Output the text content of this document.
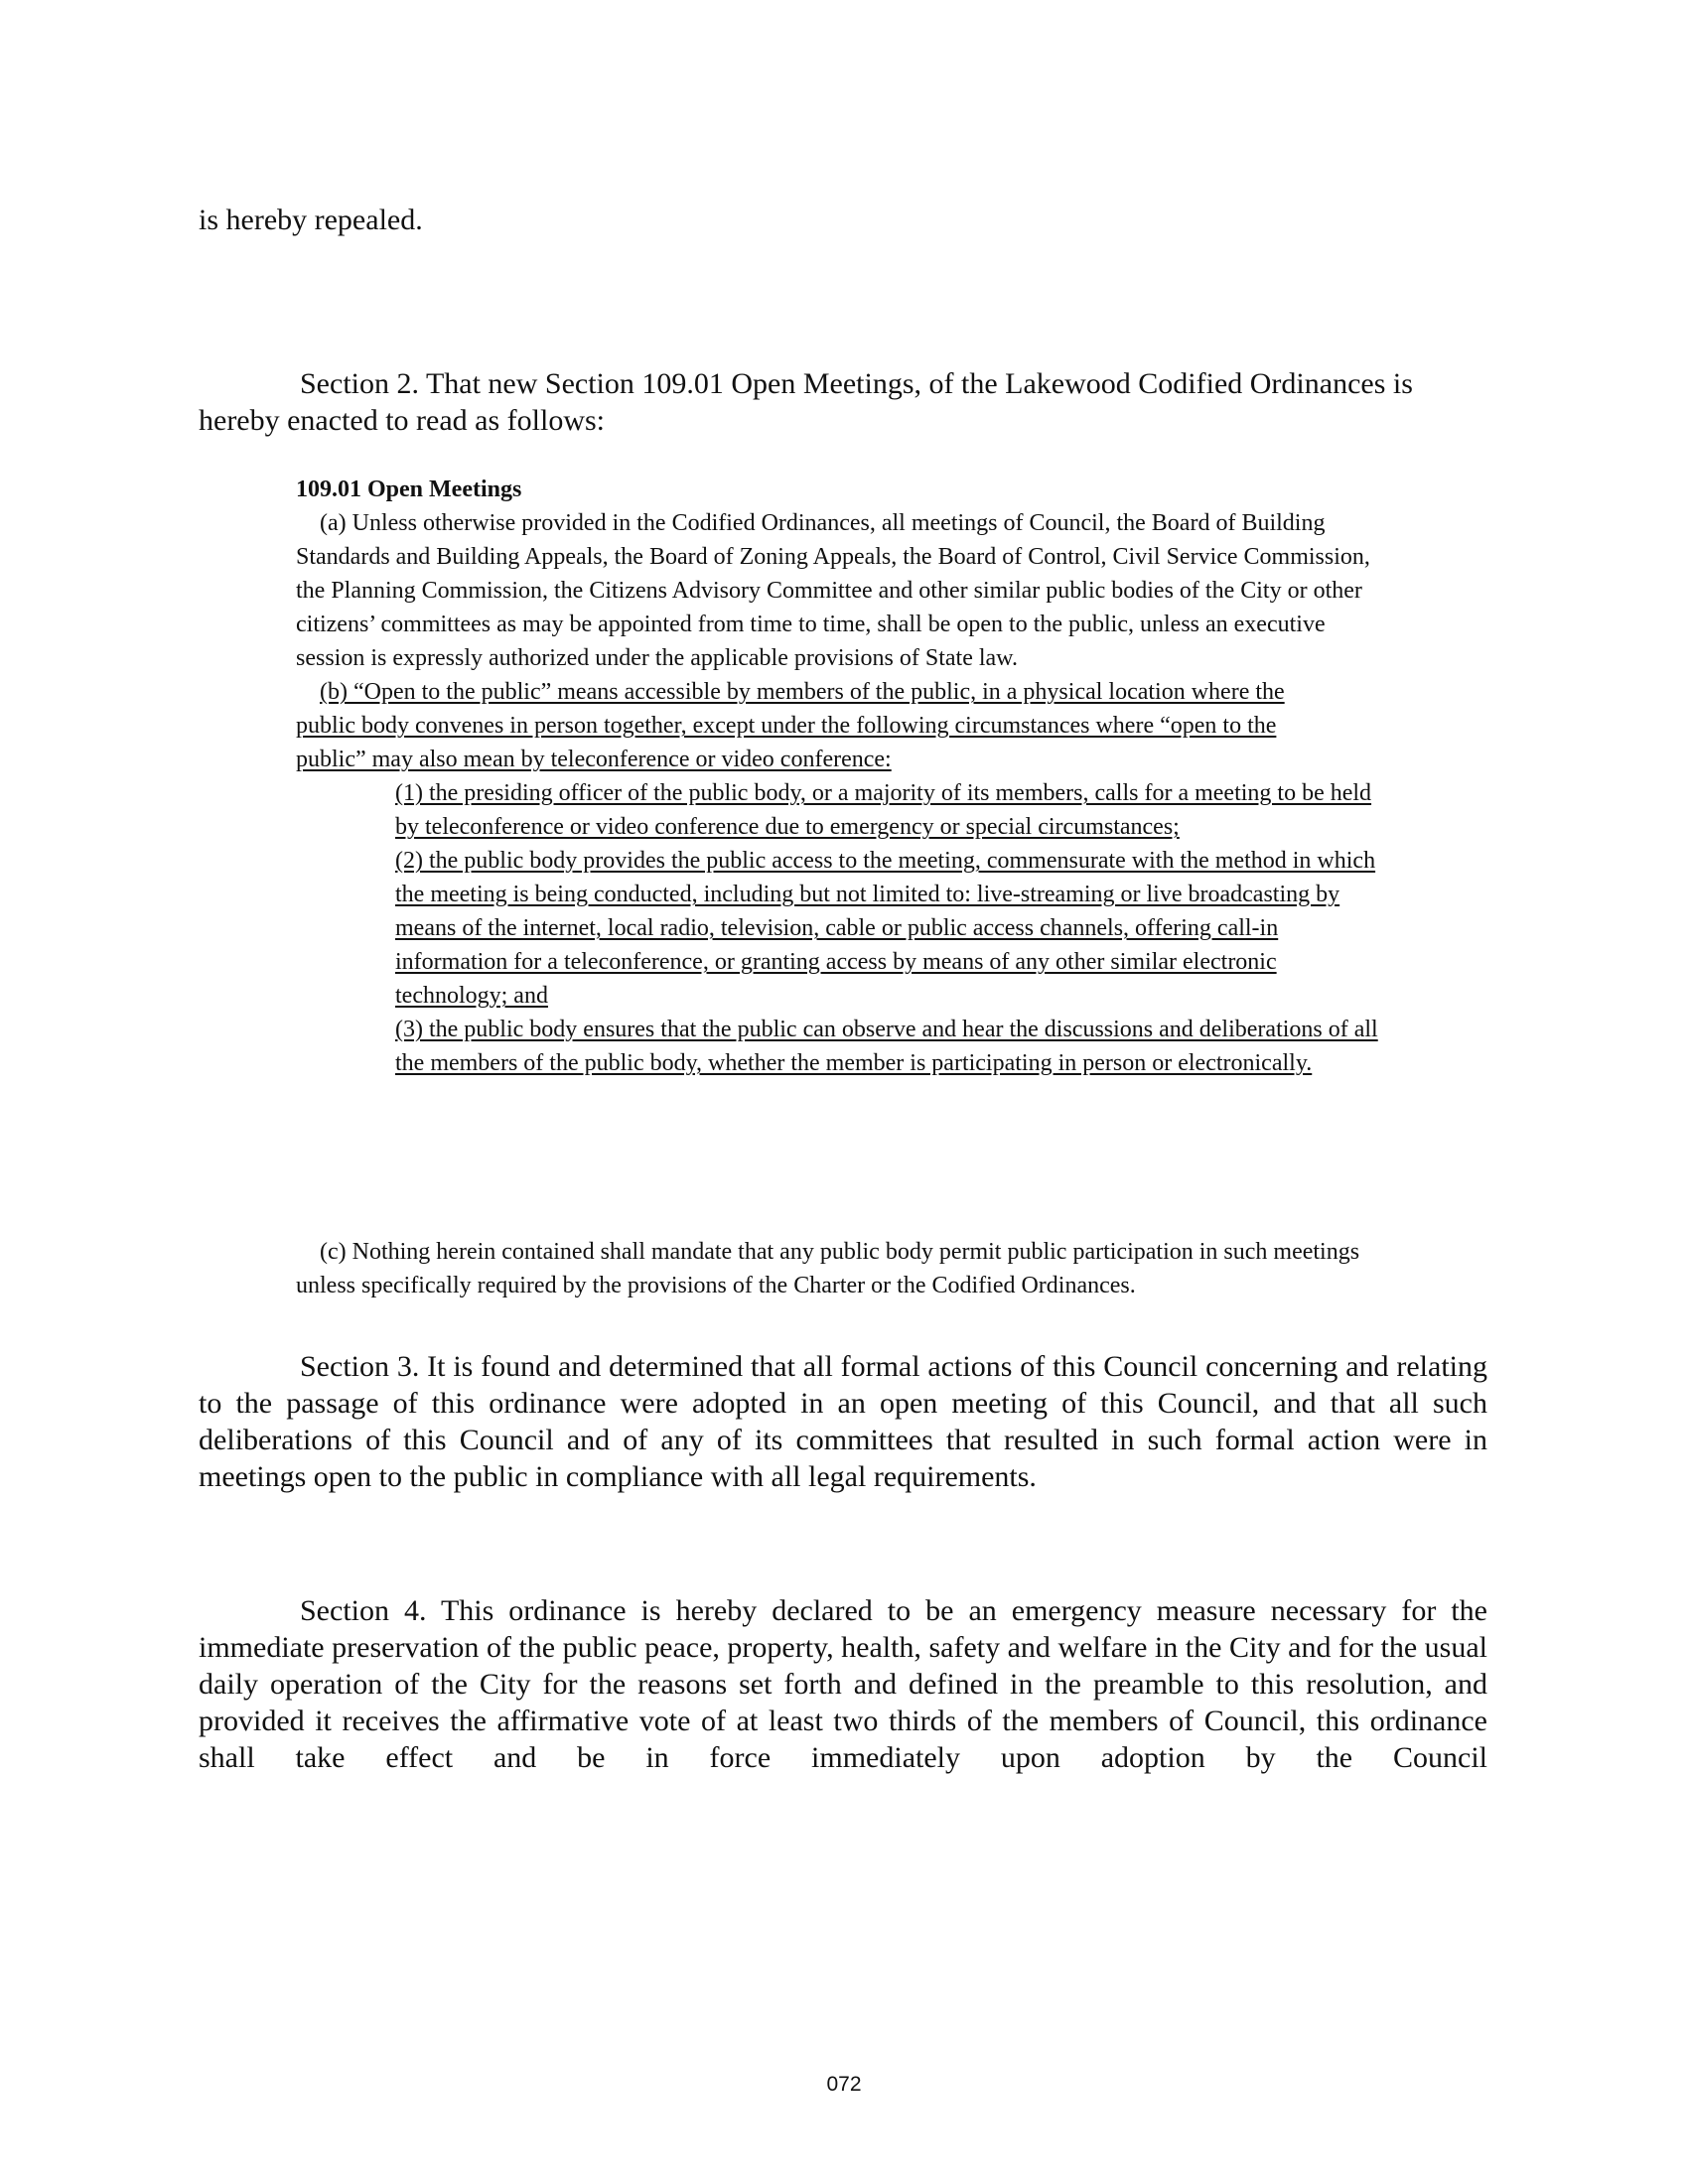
is hereby repealed.

Section 2. That new Section 109.01 Open Meetings, of the Lakewood Codified Ordinances is hereby enacted to read as follows:

109.01 Open Meetings

(a) Unless otherwise provided in the Codified Ordinances, all meetings of Council, the Board of Building Standards and Building Appeals, the Board of Zoning Appeals, the Board of Control, Civil Service Commission, the Planning Commission, the Citizens Advisory Committee and other similar public bodies of the City or other citizens’ committees as may be appointed from time to time, shall be open to the public, unless an executive session is expressly authorized under the applicable provisions of State law.

(b) “Open to the public” means accessible by members of the public, in a physical location where the public body convenes in person together, except under the following circumstances where “open to the public” may also mean by teleconference or video conference:

(1) the presiding officer of the public body, or a majority of its members, calls for a meeting to be held by teleconference or video conference due to emergency or special circumstances;

(2) the public body provides the public access to the meeting, commensurate with the method in which the meeting is being conducted, including but not limited to: live-streaming or live broadcasting by means of the internet, local radio, television, cable or public access channels, offering call-in information for a teleconference, or granting access by means of any other similar electronic technology; and

(3) the public body ensures that the public can observe and hear the discussions and deliberations of all the members of the public body, whether the member is participating in person or electronically.

(c) Nothing herein contained shall mandate that any public body permit public participation in such meetings unless specifically required by the provisions of the Charter or the Codified Ordinances.

Section 3. It is found and determined that all formal actions of this Council concerning and relating to the passage of this ordinance were adopted in an open meeting of this Council, and that all such deliberations of this Council and of any of its committees that resulted in such formal action were in meetings open to the public in compliance with all legal requirements.

Section 4. This ordinance is hereby declared to be an emergency measure necessary for the immediate preservation of the public peace, property, health, safety and welfare in the City and for the usual daily operation of the City for the reasons set forth and defined in the preamble to this resolution, and provided it receives the affirmative vote of at least two thirds of the members of Council, this ordinance shall take effect and be in force immediately upon adoption by the Council

072
